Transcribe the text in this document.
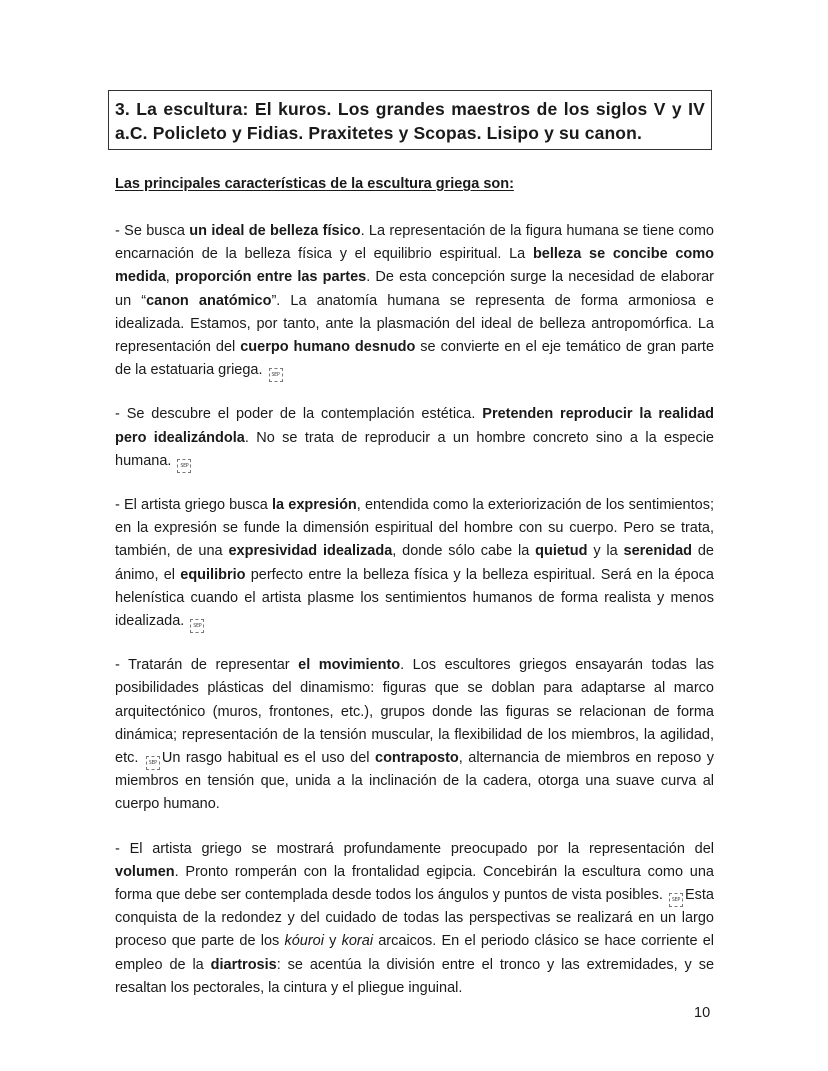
3. La escultura: El kuros. Los grandes maestros de los siglos V y IV a.C. Policleto y Fidias. Praxitetes y Scopas. Lisipo y su canon.
Las principales características de la escultura griega son:

- Se busca un ideal de belleza físico. La representación de la figura humana se tiene como encarnación de la belleza física y el equilibrio espiritual. La belleza se concibe como medida, proporción entre las partes. De esta concepción surge la necesidad de elaborar un “canon anatómico”. La anatomía humana se representa de forma armoniosa e idealizada. Estamos, por tanto, ante la plasmación del ideal de belleza antropomórfica. La representación del cuerpo humano desnudo se convierte en el eje temático de gran parte de la estatuaria griega. SEP

- Se descubre el poder de la contemplación estética. Pretenden reproducir la realidad pero idealizándola. No se trata de reproducir a un hombre concreto sino a la especie humana. SEP

- El artista griego busca la expresión, entendida como la exteriorización de los sentimientos; en la expresión se funde la dimensión espiritual del hombre con su cuerpo. Pero se trata, también, de una expresividad idealizada, donde sólo cabe la quietud y la serenidad de ánimo, el equilibrio perfecto entre la belleza física y la belleza espiritual. Será en la época helenística cuando el artista plasme los sentimientos humanos de forma realista y menos idealizada. SEP

- Tratarán de representar el movimiento. Los escultores griegos ensayarán todas las posibilidades plásticas del dinamismo: figuras que se doblan para adaptarse al marco arquitectónico (muros, frontones, etc.), grupos donde las figuras se relacionan de forma dinámica; representación de la tensión muscular, la flexibilidad de los miembros, la agilidad, etc. SEP Un rasgo habitual es el uso del contraposto, alternancia de miembros en reposo y miembros en tensión que, unida a la inclinación de la cadera, otorga una suave curva al cuerpo humano.

- El artista griego se mostrará profundamente preocupado por la representación del volumen. Pronto romperán con la frontalidad egipcia. Concebirán la escultura como una forma que debe ser contemplada desde todos los ángulos y puntos de vista posibles. SEP Esta conquista de la redondez y del cuidado de todas las perspectivas se realizará en un largo proceso que parte de los kóuroi y korai arcaicos. En el periodo clásico se hace corriente el empleo de la diartrosis: se acentúa la división entre el tronco y las extremidades, y se resaltan los pectorales, la cintura y el pliegue inguinal.

10
